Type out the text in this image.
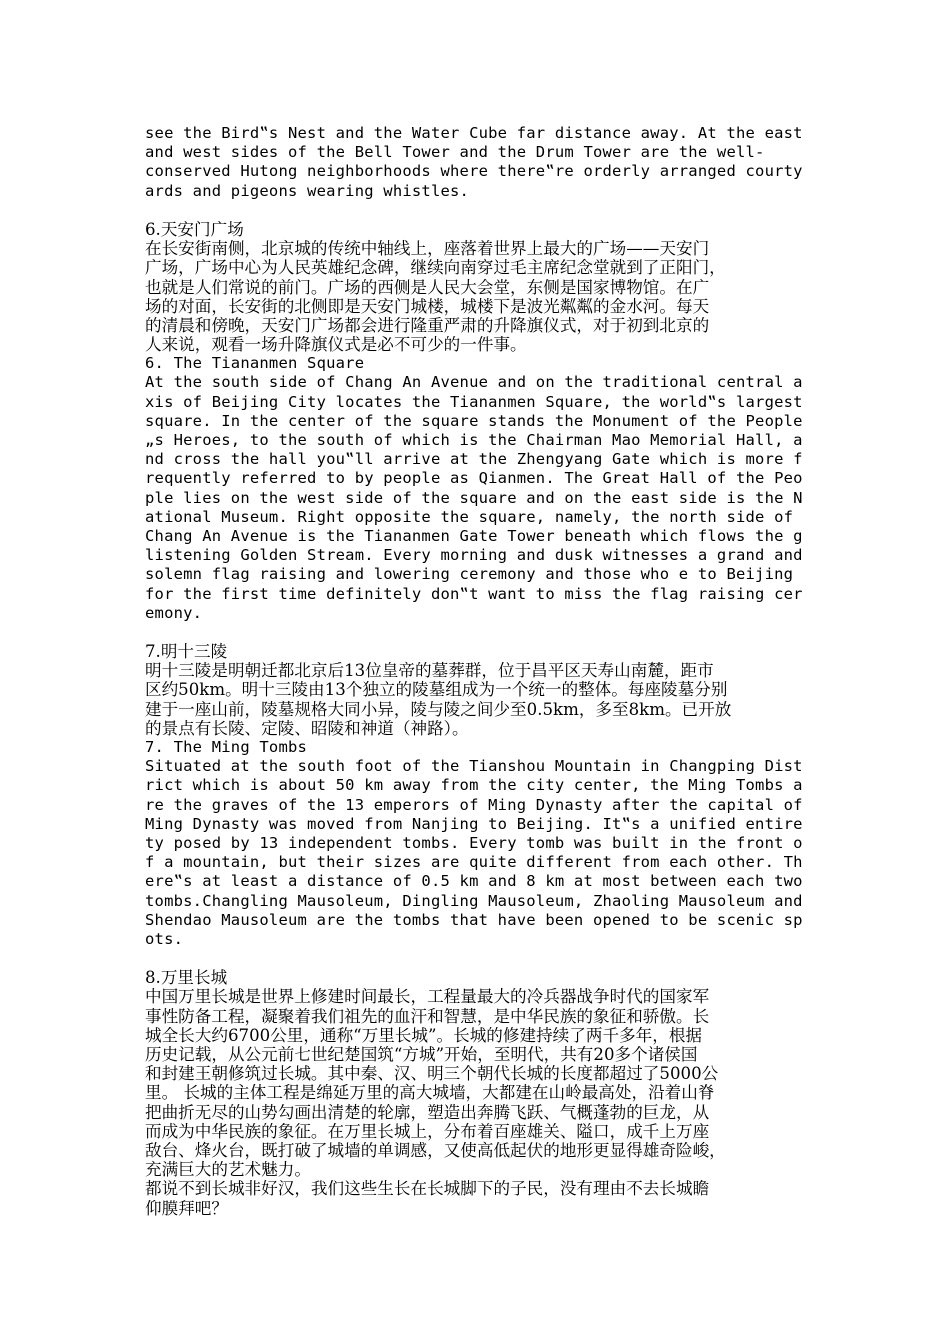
see the Bird‟s Nest and the Water Cube far distance away. At the east
and west sides of the Bell Tower and the Drum Tower are the well-
conserved Hutong neighborhoods where there‟re orderly arranged courty
ards and pigeons wearing whistles.
6.天安门广场
在长安街南侧，北京城的传统中轴线上，座落着世界上最大的广场——天安门
广场，广场中心为人民英雄纪念碑，继续向南穿过毛主席纪念堂就到了正阳门，
也就是人们常说的前门。广场的西侧是人民大会堂，东侧是国家博物馆。在广
场的对面，长安街的北侧即是天安门城楼，城楼下是波光粼粼的金水河。每天
的清晨和傍晚，天安门广场都会进行隆重严肃的升降旗仪式，对于初到北京的
人来说，观看一场升降旗仪式是必不可少的一件事。
6. The Tiananmen Square
At the south side of Chang An Avenue and on the traditional central a
xis of Beijing City locates the Tiananmen Square, the world‟s largest
square. In the center of the square stands the Monument of the People
„s Heroes, to the south of which is the Chairman Mao Memorial Hall, a
nd cross the hall you‟ll arrive at the Zhengyang Gate which is more f
requently referred to by people as Qianmen. The Great Hall of the Peo
ple lies on the west side of the square and on the east side is the N
ational Museum. Right opposite the square, namely, the north side of
Chang An Avenue is the Tiananmen Gate Tower beneath which flows the g
listening Golden Stream. Every morning and dusk witnesses a grand and
solemn flag raising and lowering ceremony and those who e to Beijing
for the first time definitely don‟t want to miss the flag raising cer
emony.
7.明十三陵
明十三陵是明朝迁都北京后13位皇帝的墓葬群，位于昌平区天寿山南麓，距市
区约50km。明十三陵由13个独立的陵墓组成为一个统一的整体。每座陵墓分别
建于一座山前，陵墓规格大同小异，陵与陵之间少至0.5km，多至8km。已开放
的景点有长陵、定陵、昭陵和神道（神路）。
7. The Ming Tombs
Situated at the south foot of the Tianshou Mountain in Changping Dist
rict which is about 50 km away from the city center, the Ming Tombs a
re the graves of the 13 emperors of Ming Dynasty after the capital of
Ming Dynasty was moved from Nanjing to Beijing. It‟s a unified entire
ty posed by 13 independent tombs. Every tomb was built in the front o
f a mountain, but their sizes are quite different from each other. Th
ere‟s at least a distance of 0.5 km and 8 km at most between each two
tombs.Changling Mausoleum, Dingling Mausoleum, Zhaoling Mausoleum and
Shendao Mausoleum are the tombs that have been opened to be scenic sp
ots.
8.万里长城
中国万里长城是世界上修建时间最长，工程量最大的冷兵器战争时代的国家军
事性防备工程，凝聚着我们祖先的血汗和智慧，是中华民族的象征和骄傲。长
城全长大约6700公里，通称“万里长城”。长城的修建持续了两千多年，根据
历史记载，从公元前七世纪楚国筑“方城”开始，至明代，共有20多个诸侯国
和封建王朝修筑过长城。其中秦、汉、明三个朝代长城的长度都超过了5000公
里。 长城的主体工程是绵延万里的高大城墙，大都建在山岭最高处，沿着山脊
把曲折无尽的山势勾画出清楚的轮廓，塑造出奔腾飞跃、气概蓬勃的巨龙，从
而成为中华民族的象征。在万里长城上，分布着百座雄关、隘口，成千上万座
敌台、烽火台，既打破了城墙的单调感，又使高低起伏的地形更显得雄奇险峻，
充满巨大的艺术魅力。
都说不到长城非好汉，我们这些生长在长城脚下的子民，没有理由不去长城瞻
仰膜拜吧？
